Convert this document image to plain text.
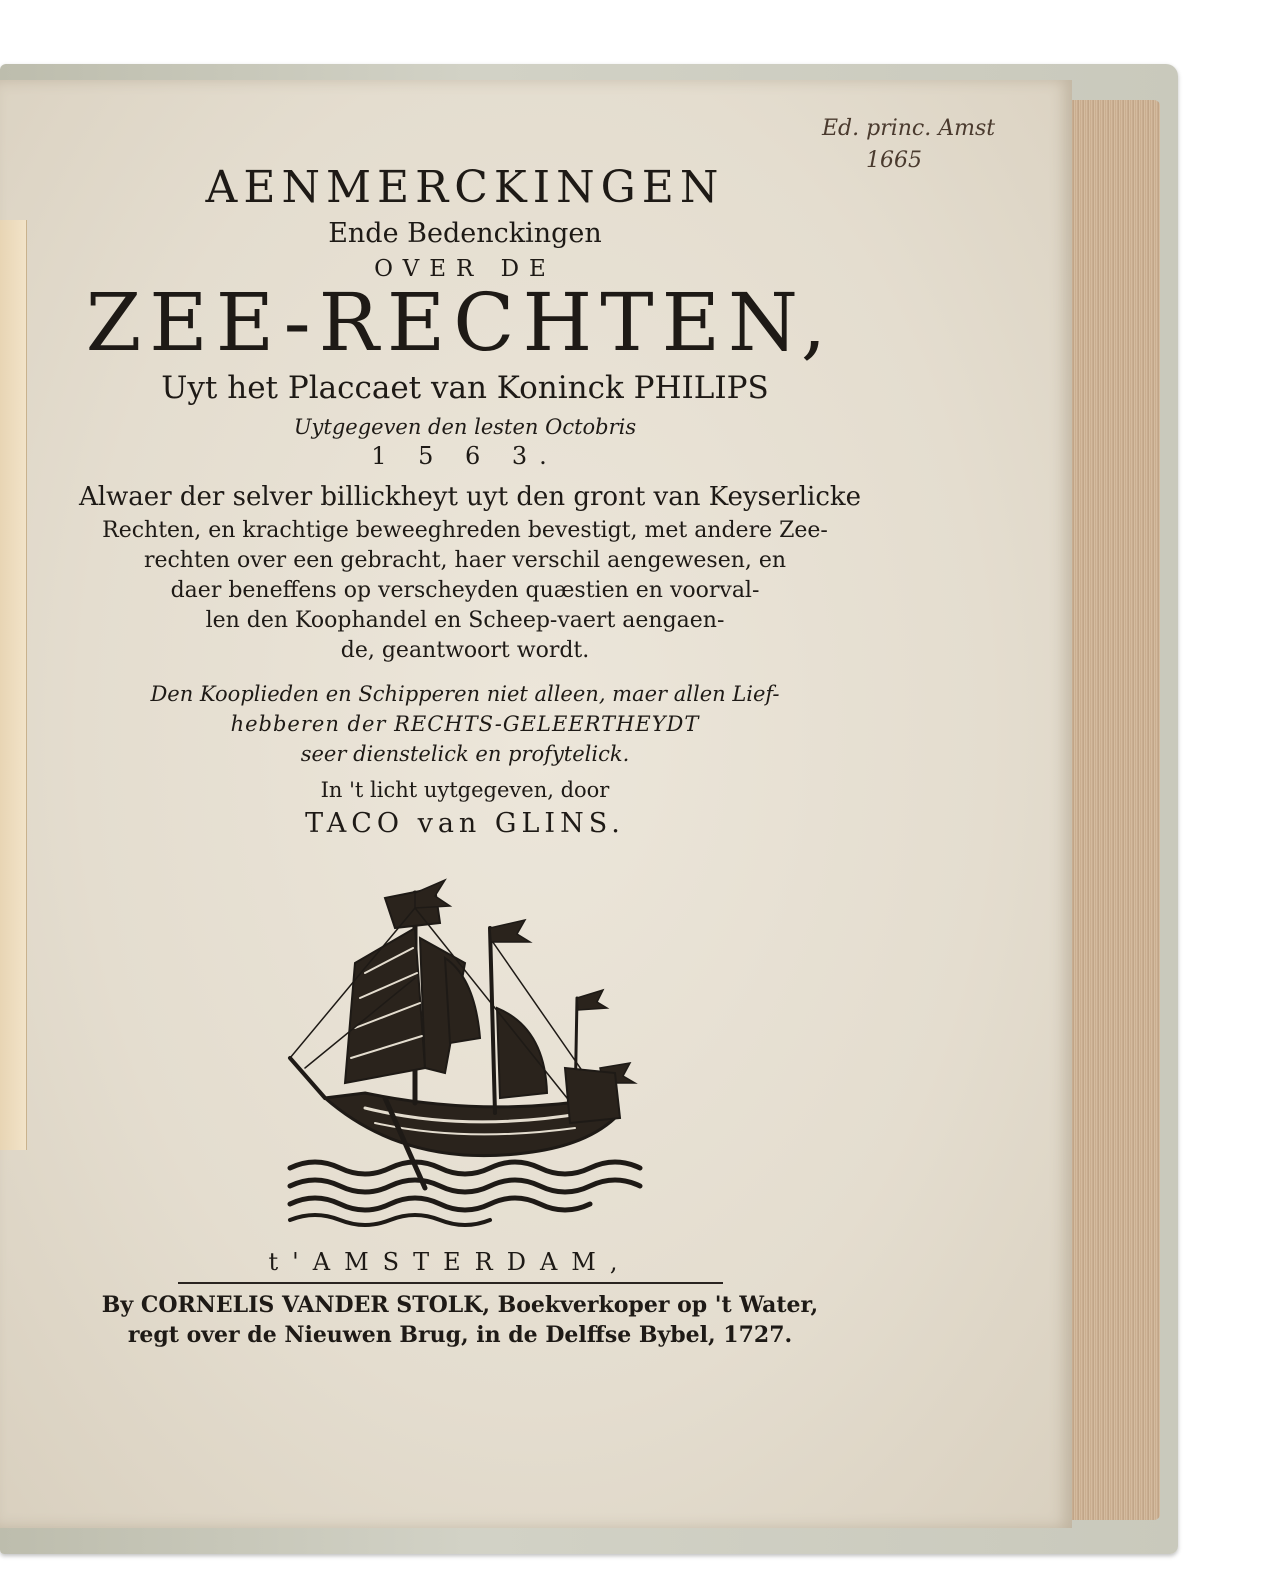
Ed. princ. Amst
1665
AENMERCKINGEN
Ende Bedenckingen
OVER DE
ZEE-RECHTEN,
Uyt het Placcaet van Koninck PHILIPS
Uytgegeven den lesten Octobris
1 5 6 3.
Alwaer der selver billickheyt uyt den gront van Keyserlicke
Rechten, en krachtige beweeghreden bevestigt, met andere Zee-
rechten over een gebracht, haer verschil aengewesen, en
daer beneffens op verscheyden quæstien en voorval-
len den Koophandel en Scheep-vaert aengaen-
de, geantwoort wordt.
Den Kooplieden en Schipperen niet alleen, maer allen Lief-
hebberen der RECHTS-GELEERTHEYDT
seer dienstelick en profytelick.
In 't licht uytgegeven, door
TACO van GLINS.
t'AMSTERDAM,
By CORNELIS VANDER STOLK, Boekverkoper op 't Water,
regt over de Nieuwen Brug, in de Delffse Bybel, 1727.
